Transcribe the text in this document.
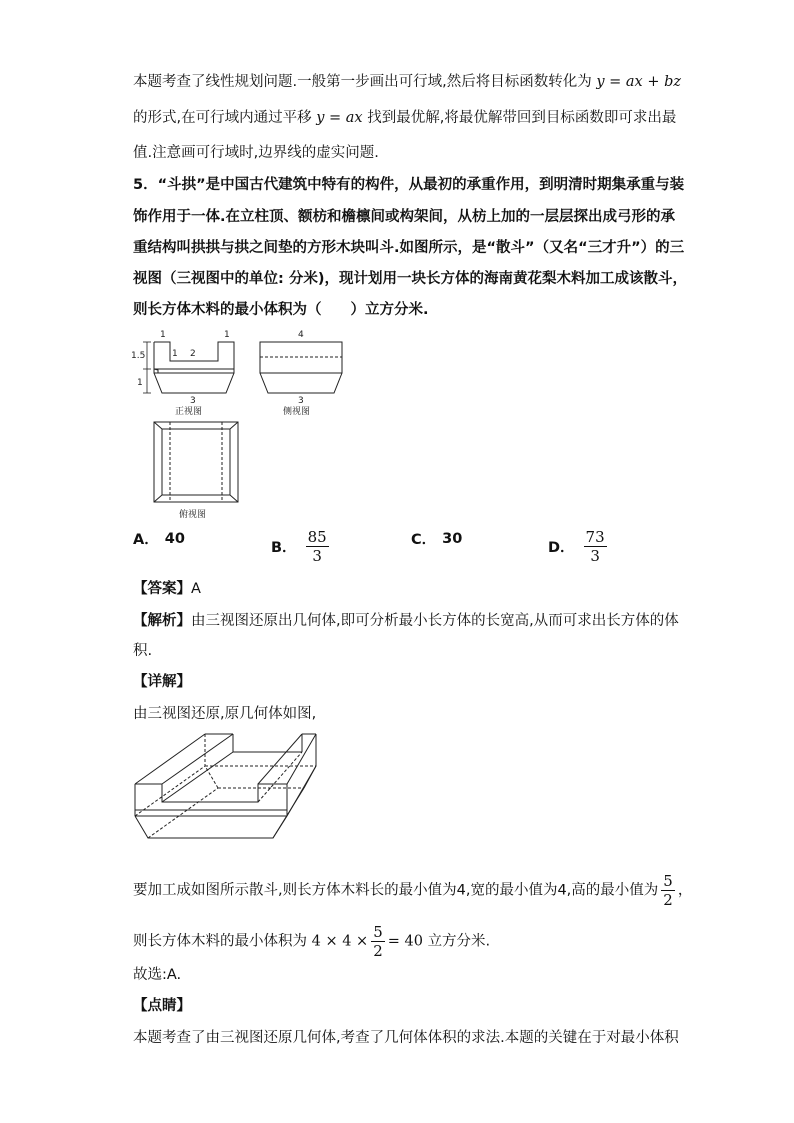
本题考查了线性规划问题.一般第一步画出可行域,然后将目标函数转化为 y = ax + bz
的形式,在可行域内通过平移 y = ax 找到最优解,将最优解带回到目标函数即可求出最
值.注意画可行域时,边界线的虚实问题.
5．“斗拱”是中国古代建筑中特有的构件，从最初的承重作用，到明清时期集承重与装
饰作用于一体.在立柱顶、额枋和檐檩间或构架间，从枋上加的一层层探出成弓形的承
重结构叫拱拱与拱之间垫的方形木块叫斗.如图所示，是“散斗”（又名“三才升”）的三
视图（三视图中的单位: 分米)，现计划用一块长方体的海南黄花梨木料加工成该散斗，
则长方体木料的最小体积为（　　）立方分米.
1	1
1 2
1.5
1
3
4
3
正视图	侧视图
俯视图
A． 40
B． $\frac{85}{3}$	C． 30
D． $\frac{73}{3}$
【答案】A
【解析】由三视图还原出几何体,即可分析最小长方体的长宽高,从而可求出长方体的体
积.
【详解】
由三视图还原,原几何体如图,
要加工成如图所示散斗,则长方体木料长的最小值为4,宽的最小值为4,高的最小值为 $\frac{5}{2}$ ，
则长方体木料的最小体积为 $4 \times 4 \times \frac{5}{2} = 40$ 立方分米.
故选:A.
【点睛】
本题考查了由三视图还原几何体,考查了几何体体积的求法.本题的关键在于对最小体积
